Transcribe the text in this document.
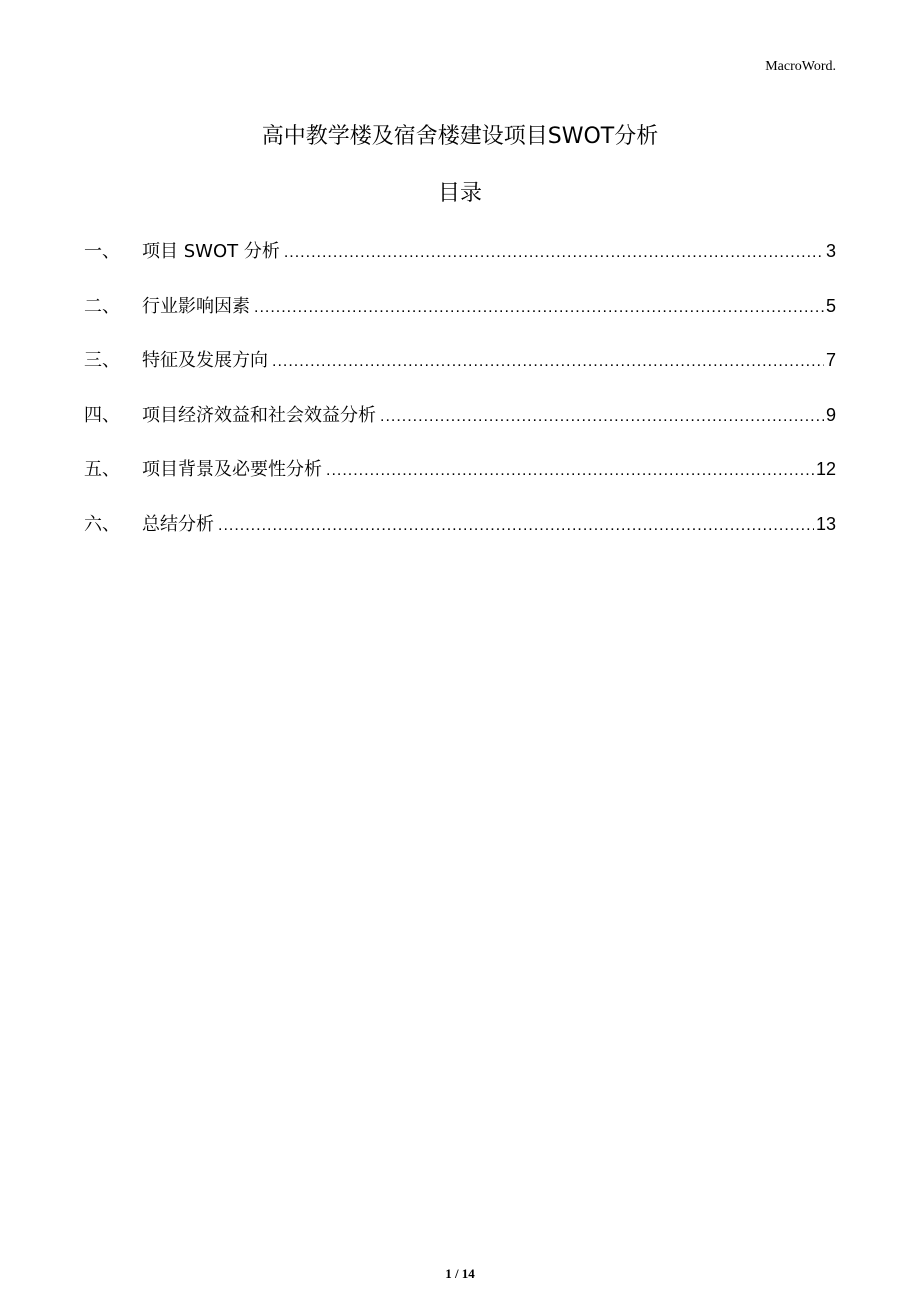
MacroWord.
高中教学楼及宿舍楼建设项目SWOT分析
目录
一、	项目 SWOT 分析 .....	3
二、	行业影响因素 .....	5
三、	特征及发展方向 .....	7
四、	项目经济效益和社会效益分析 .....	9
五、	项目背景及必要性分析 .....	12
六、	总结分析 .....	13
1 / 14
